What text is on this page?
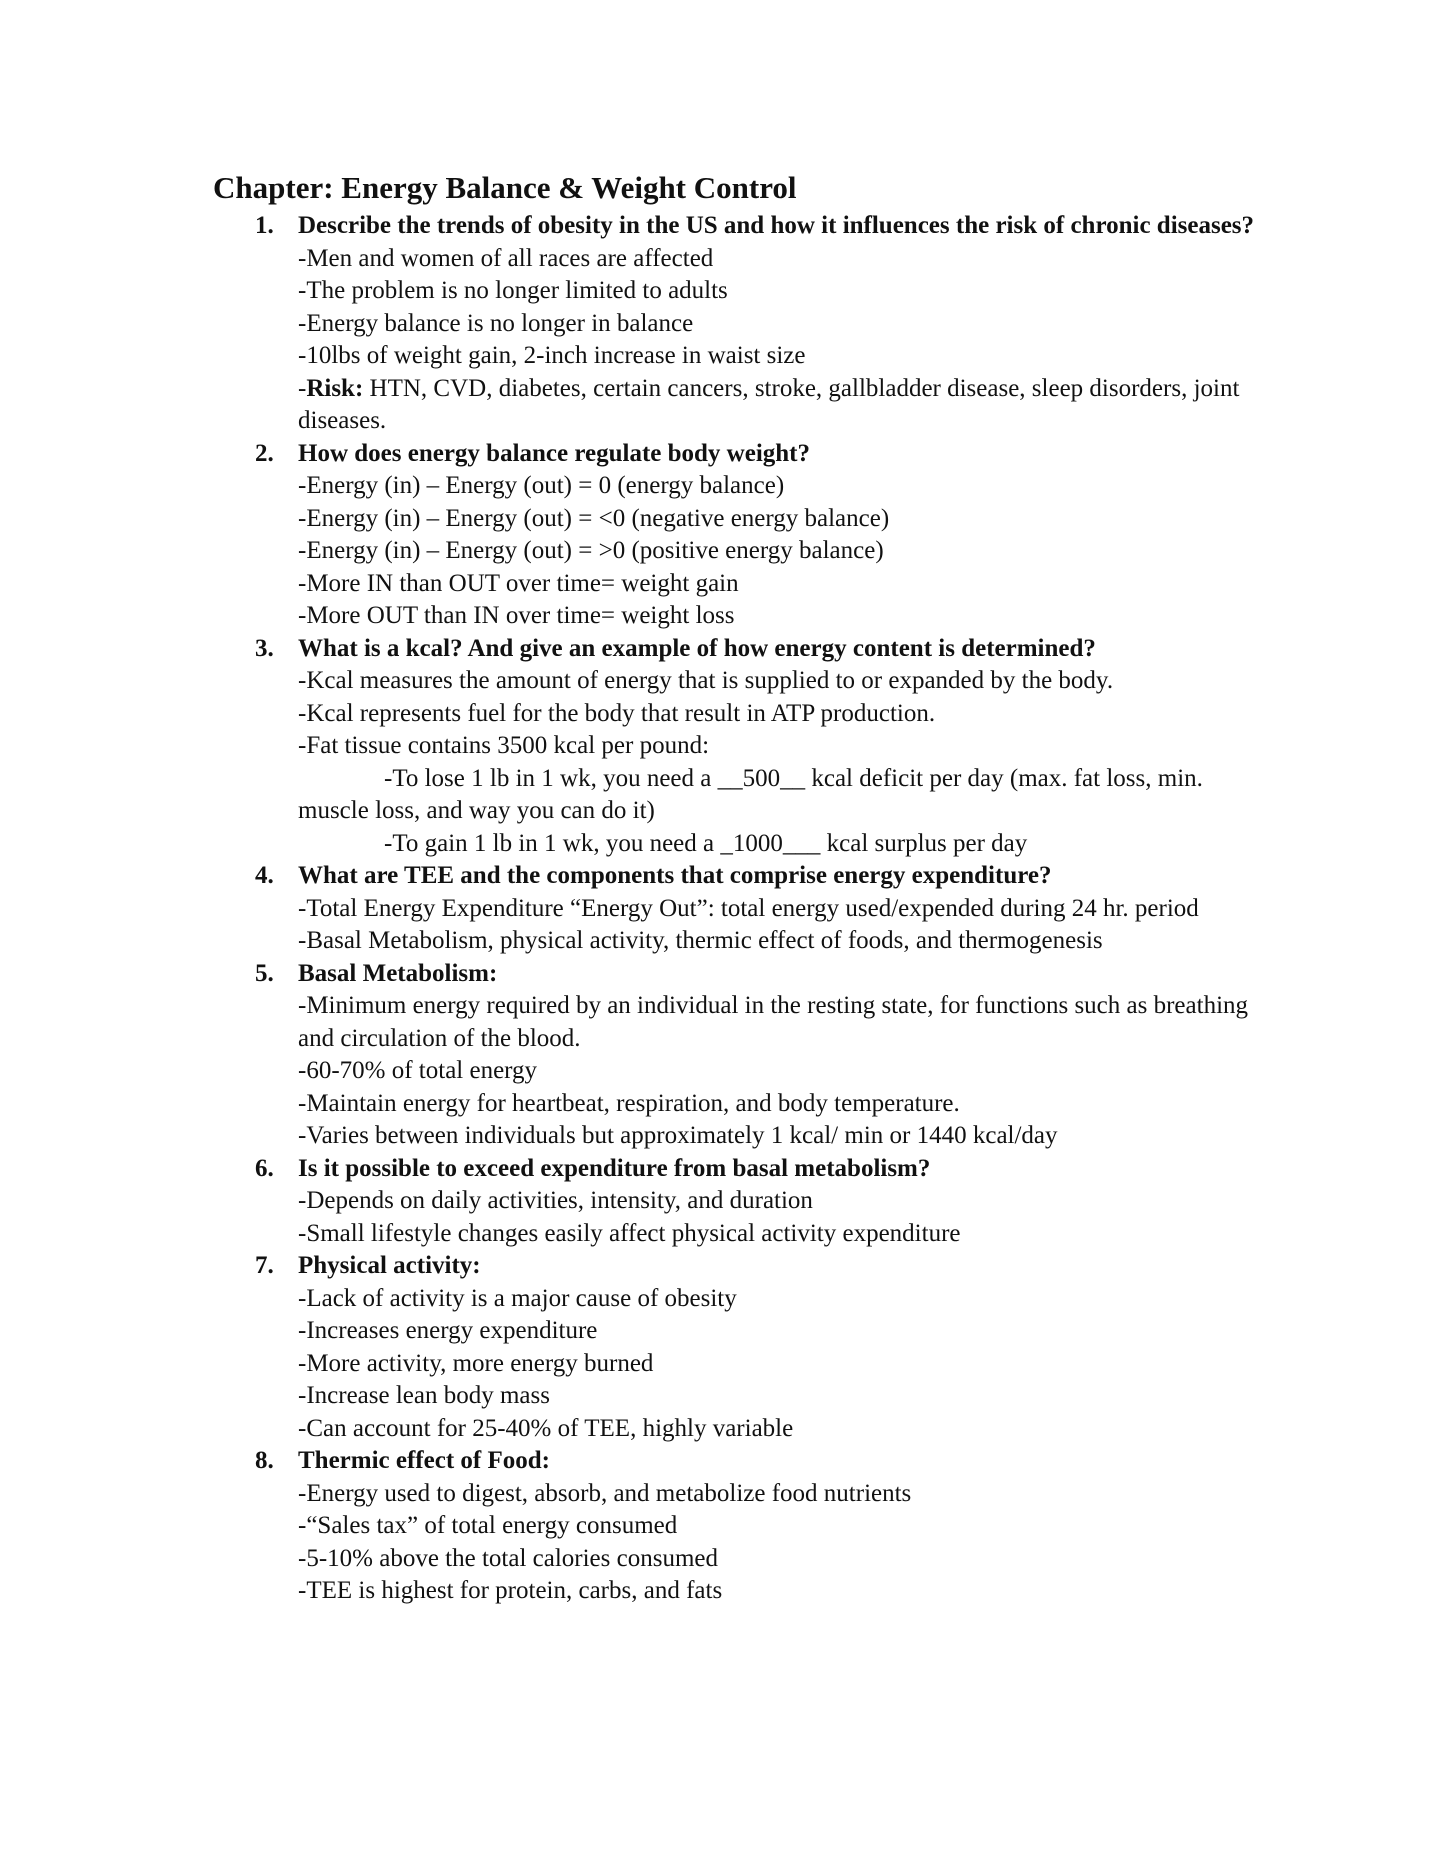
Chapter: Energy Balance & Weight Control
1. Describe the trends of obesity in the US and how it influences the risk of chronic diseases?

-Men and women of all races are affected

-The problem is no longer limited to adults

-Energy balance is no longer in balance

-10lbs of weight gain, 2-inch increase in waist size

-Risk: HTN, CVD, diabetes, certain cancers, stroke, gallbladder disease, sleep disorders, joint diseases.

2. How does energy balance regulate body weight?

-Energy (in) – Energy (out) = 0 (energy balance)

-Energy (in) – Energy (out) = <0 (negative energy balance)

-Energy (in) – Energy (out) = >0 (positive energy balance)

-More IN than OUT over time= weight gain

-More OUT than IN over time= weight loss

3. What is a kcal? And give an example of how energy content is determined?

-Kcal measures the amount of energy that is supplied to or expanded by the body.

-Kcal represents fuel for the body that result in ATP production.

-Fat tissue contains 3500 kcal per pound:

-To lose 1 lb in 1 wk, you need a __500__ kcal deficit per day (max. fat loss, min. muscle loss, and way you can do it)

-To gain 1 lb in 1 wk, you need a _1000___ kcal surplus per day

4. What are TEE and the components that comprise energy expenditure?

-Total Energy Expenditure “Energy Out”: total energy used/expended during 24 hr. period

-Basal Metabolism, physical activity, thermic effect of foods, and thermogenesis

5. Basal Metabolism:

-Minimum energy required by an individual in the resting state, for functions such as breathing and circulation of the blood.

-60-70% of total energy

-Maintain energy for heartbeat, respiration, and body temperature.

-Varies between individuals but approximately 1 kcal/ min or 1440 kcal/day

6. Is it possible to exceed expenditure from basal metabolism?

-Depends on daily activities, intensity, and duration

-Small lifestyle changes easily affect physical activity expenditure

7. Physical activity:

-Lack of activity is a major cause of obesity

-Increases energy expenditure

-More activity, more energy burned

-Increase lean body mass

-Can account for 25-40% of TEE, highly variable

8. Thermic effect of Food:

-Energy used to digest, absorb, and metabolize food nutrients

-“Sales tax” of total energy consumed

-5-10% above the total calories consumed

-TEE is highest for protein, carbs, and fats
